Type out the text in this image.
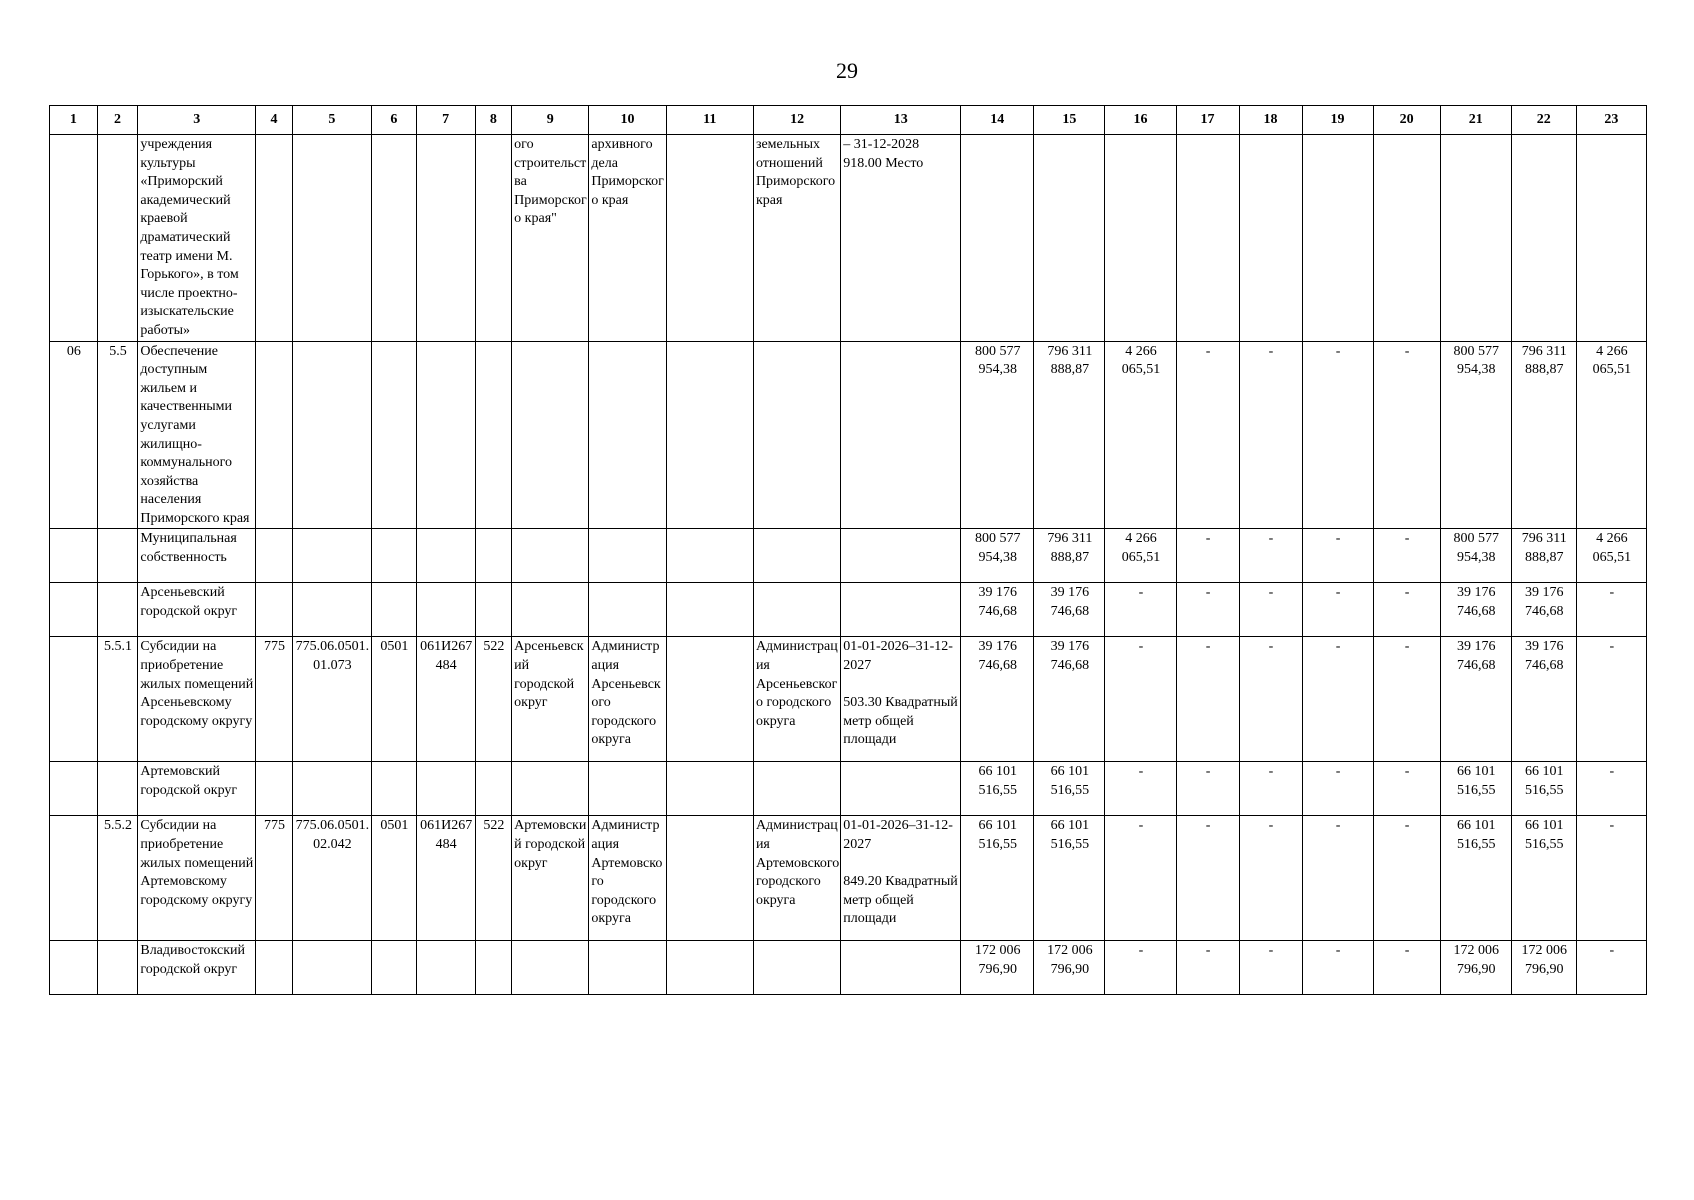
29
1	2	3	4	5	6	7	8	9	10	11	12	13	14	15	16	17	18	19	20	21	22	23
		учреждения культуры «Приморский академический краевой драматический театр имени М. Горького», в том числе проектно-изыскательские работы»						ого строительства Приморского края"	архивного дела Приморского края		земельных отношений Приморского края	– 31-12-2028
918.00 Место										
06	5.5	Обеспечение доступным жильем и качественными услугами жилищно-коммунального хозяйства населения Приморского края											800 577 954,38	796 311 888,87	4 266 065,51	-	-	-	-	800 577 954,38	796 311 888,87	4 266 065,51
		Муниципальная собственность											800 577 954,38	796 311 888,87	4 266 065,51	-	-	-	-	800 577 954,38	796 311 888,87	4 266 065,51
		Арсеньевский городской округ											39 176 746,68	39 176 746,68	-	-	-	-	-	39 176 746,68	39 176 746,68	-
	5.5.1	Субсидии на приобретение жилых помещений Арсеньевскому городскому округу	775	775.06.0501.01.073	0501	061И267484	522	Арсеньевский городской округ	Администрация Арсеньевского городского округа		Администрация Арсеньевского городского округа	01-01-2026–31-12-2027

503.30 Квадратный метр общей площади	39 176 746,68	39 176 746,68	-	-	-	-	-	39 176 746,68	39 176 746,68	-
		Артемовский городской округ											66 101 516,55	66 101 516,55	-	-	-	-	-	66 101 516,55	66 101 516,55	-
	5.5.2	Субсидии на приобретение жилых помещений Артемовскому городскому округу	775	775.06.0501.02.042	0501	061И267484	522	Артемовский городской округ	Администрация Артемовского городского округа		Администрация Артемовского городского округа	01-01-2026–31-12-2027

849.20 Квадратный метр общей площади	66 101 516,55	66 101 516,55	-	-	-	-	-	66 101 516,55	66 101 516,55	-
		Владивостокский городской округ											172 006 796,90	172 006 796,90	-	-	-	-	-	172 006 796,90	172 006 796,90	-
